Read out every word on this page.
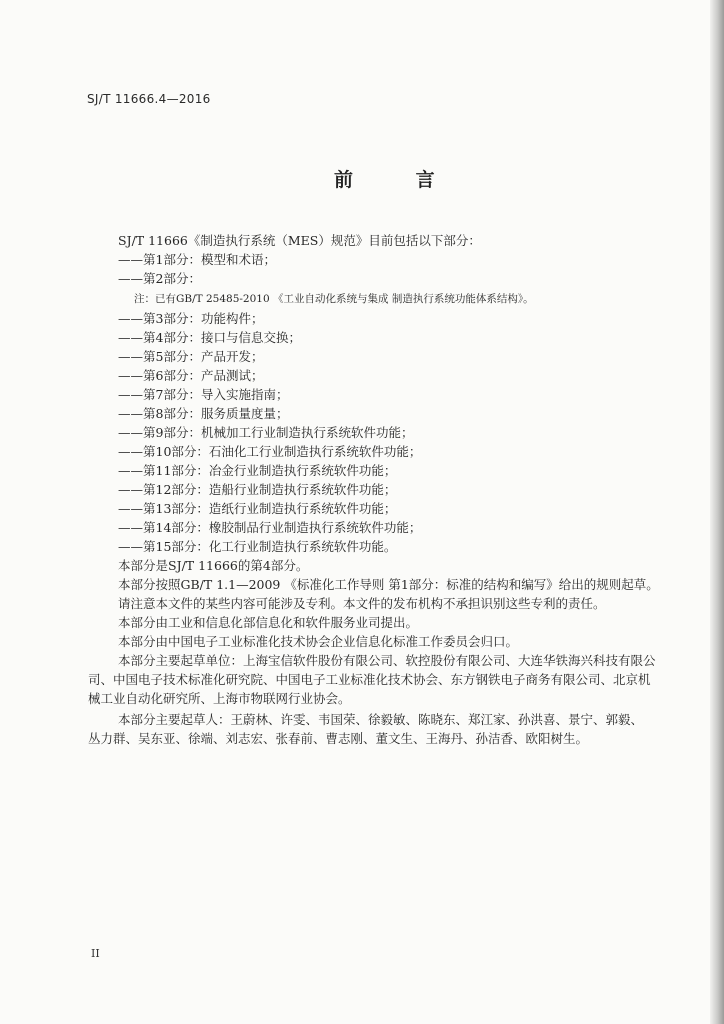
SJ/T 11666.4—2016
前 言
SJ/T 11666《制造执行系统（MES）规范》目前包括以下部分：
——第1部分：模型和术语；
——第2部分：
注：已有GB/T 25485-2010 《工业自动化系统与集成 制造执行系统功能体系结构》。
——第3部分：功能构件；
——第4部分：接口与信息交换；
——第5部分：产品开发；
——第6部分：产品测试；
——第7部分：导入实施指南；
——第8部分：服务质量度量；
——第9部分：机械加工行业制造执行系统软件功能；
——第10部分：石油化工行业制造执行系统软件功能；
——第11部分：冶金行业制造执行系统软件功能；
——第12部分：造船行业制造执行系统软件功能；
——第13部分：造纸行业制造执行系统软件功能；
——第14部分：橡胶制品行业制造执行系统软件功能；
——第15部分：化工行业制造执行系统软件功能。
本部分是SJ/T 11666的第4部分。
本部分按照GB/T 1.1—2009 《标准化工作导则 第1部分：标准的结构和编写》给出的规则起草。
请注意本文件的某些内容可能涉及专利。本文件的发布机构不承担识别这些专利的责任。
本部分由工业和信息化部信息化和软件服务业司提出。
本部分由中国电子工业标准化技术协会企业信息化标准工作委员会归口。
本部分主要起草单位：上海宝信软件股份有限公司、软控股份有限公司、大连华铁海兴科技有限公
司、中国电子技术标准化研究院、中国电子工业标准化技术协会、东方钢铁电子商务有限公司、北京机
械工业自动化研究所、上海市物联网行业协会。
本部分主要起草人：王蔚林、许雯、韦国荣、徐毅敏、陈晓东、郑江家、孙洪喜、景宁、郭毅、
丛力群、吴东亚、徐端、刘志宏、张春前、曹志刚、董文生、王海丹、孙洁香、欧阳树生。
II
